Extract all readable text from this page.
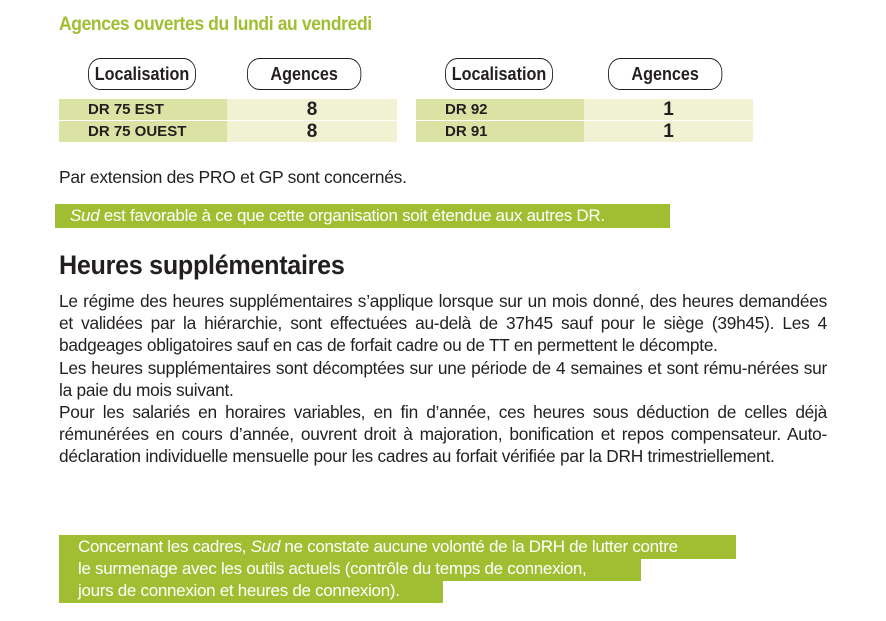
Agences ouvertes du lundi au vendredi
Localisation	Agences
DR 75 EST	8
DR 75 OUEST	8
Localisation	Agences
DR 92	1
DR 91	1
Par extension des PRO et GP sont concernés.
Sud est favorable à ce que cette organisation soit étendue aux autres DR.
Heures supplémentaires

Le régime des heures supplémentaires s’applique lorsque sur un mois donné, des heures demandées et validées par la hiérarchie, sont effectuées au-delà de 37h45 sauf pour le siège (39h45). Les 4 badgeages obligatoires sauf en cas de forfait cadre ou de TT en permettent le décompte.

Les heures supplémentaires sont décomptées sur une période de 4 semaines et sont rému-nérées sur la paie du mois suivant.

Pour les salariés en horaires variables, en fin d’année, ces heures sous déduction de celles déjà rémunérées en cours d’année, ouvrent droit à majoration, bonification et repos compensateur. Auto-déclaration individuelle mensuelle pour les cadres au forfait vérifiée par la DRH trimestriellement.

Concernant les cadres, Sud ne constate aucune volonté de la DRH de lutter contre
le surmenage avec les outils actuels (contrôle du temps de connexion,
jours de connexion et heures de connexion).
